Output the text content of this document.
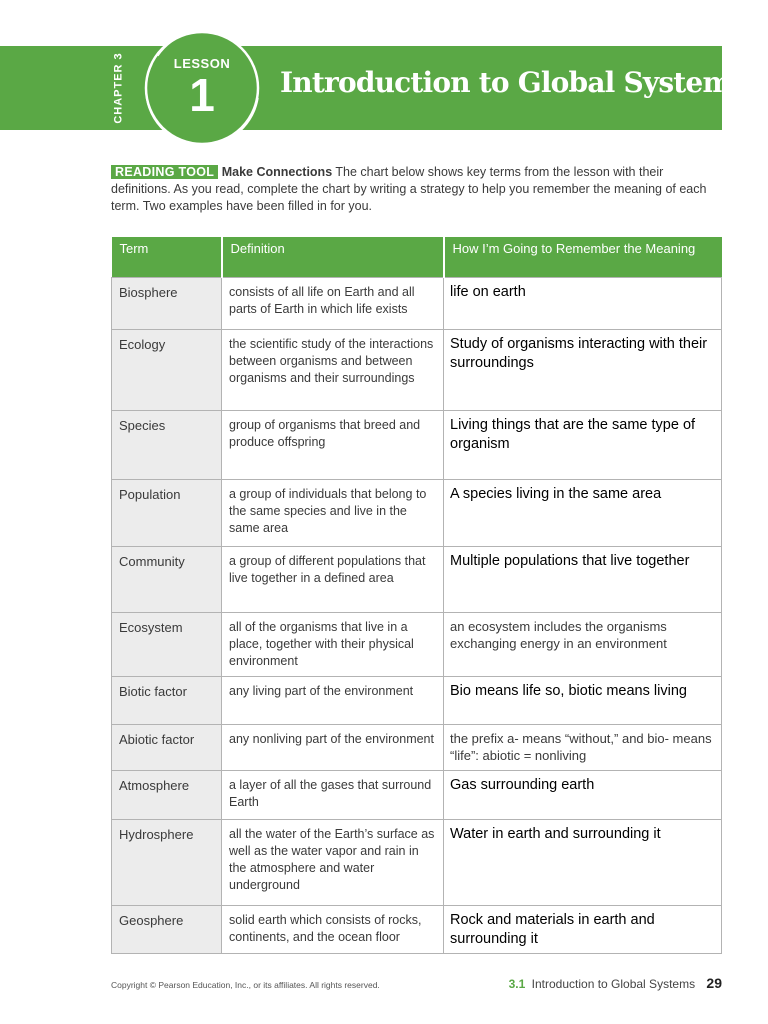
CHAPTER 3	LESSON
1	Introduction to Global Systems
READING TOOL Make Connections The chart below shows key terms from the lesson with their definitions. As you read, complete the chart by writing a strategy to help you remember the meaning of each term. Two examples have been filled in for you.
Term	Definition	How I’m Going to Remember the Meaning
Biosphere	consists of all life on Earth and all parts of Earth in which life exists	life on earth
Ecology	the scientific study of the interactions between organisms and between organisms and their surroundings	Study of organisms interacting with their surroundings
Species	group of organisms that breed and produce offspring	Living things that are the same type of organism
Population	a group of individuals that belong to the same species and live in the same area	A species living in the same area
Community	a group of different populations that live together in a defined area	Multiple populations that live together
Ecosystem	all of the organisms that live in a place, together with their physical environment	an ecosystem includes the organisms exchanging energy in an environment
Biotic factor	any living part of the environment	Bio means life so, biotic means living
Abiotic factor	any nonliving part of the environment	the prefix a- means “without,” and bio- means “life”: abiotic = nonliving
Atmosphere	a layer of all the gases that surround Earth	Gas surrounding earth
Hydrosphere	all the water of the Earth’s surface as well as the water vapor and rain in the atmosphere and water underground	Water in earth and surrounding it
Geosphere	solid earth which consists of rocks, continents, and the ocean floor	Rock and materials in earth and surrounding it
Copyright © Pearson Education, Inc., or its affiliates. All rights reserved.	3.1 Introduction to Global Systems 29
